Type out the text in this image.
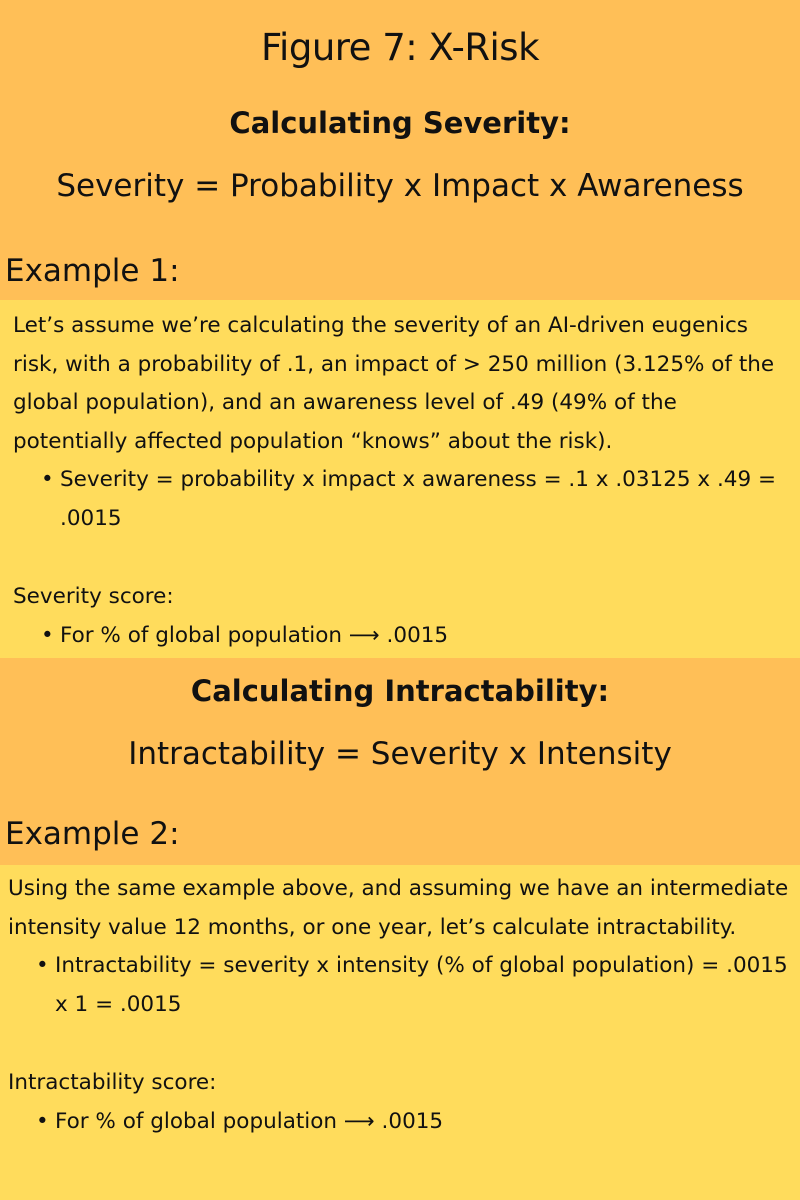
Figure 7: X-Risk
Calculating Severity:

Severity = Probability x Impact x Awareness

Example 1:

Let’s assume we’re calculating the severity of an AI-driven eugenics risk, with a probability of .1, an impact of > 250 million (3.125% of the global population), and an awareness level of .49 (49% of the potentially affected population “knows” about the risk).

• Severity = probability x impact x awareness = .1 x .03125 x .49 = .0015

Severity score:

• For % of global population ⟶ .0015
Calculating Intractability:

Intractability = Severity x Intensity

Example 2:

Using the same example above, and assuming we have an intermediate intensity value 12 months, or one year, let’s calculate intractability.

• Intractability = severity x intensity (% of global population) = .0015 x 1 = .0015

Intractability score:

• For % of global population ⟶ .0015
